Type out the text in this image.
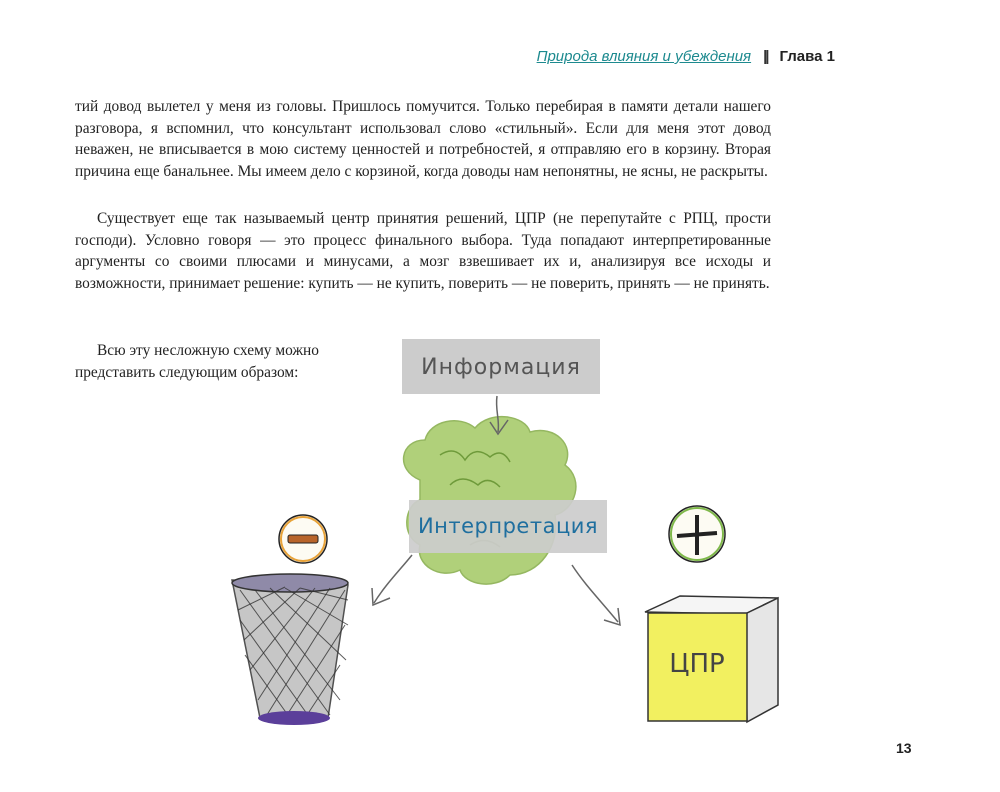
Природа влияния и убеждения || Глава 1

тий довод вылетел у меня из головы. Пришлось помучится. Только перебирая в памяти детали нашего разговора, я вспомнил, что консультант использовал слово «стильный». Если для меня этот довод неважен, не вписывается в мою систему ценностей и потребностей, я отправляю его в корзину. Вторая причина еще банальнее. Мы имеем дело с корзиной, когда доводы нам непонятны, не ясны, не раскрыты.

Существует еще так называемый центр принятия решений, ЦПР (не перепутайте с РПЦ, прости господи). Условно говоря — это процесс финального выбора. Туда попадают интерпретированные аргументы со своими плюсами и минусами, а мозг взвешивает их и, анализируя все исходы и возможности, принимает решение: купить — не купить, поверить — не поверить, принять — не принять.

Всю эту несложную схему можно представить следующим образом:	Информация
Интерпретация
ЦПР
13
